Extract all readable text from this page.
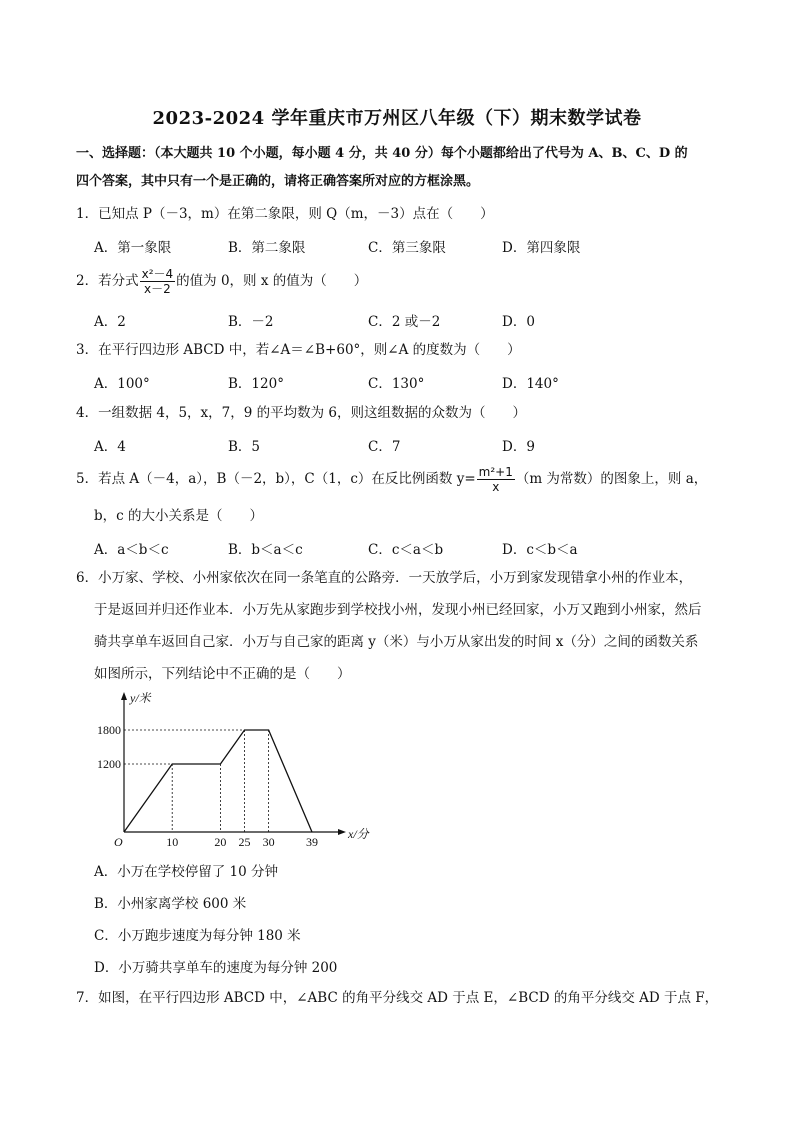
2023-2024 学年重庆市万州区八年级（下）期末数学试卷
一、选择题：（本大题共 10 个小题，每小题 4 分，共 40 分）每个小题都给出了代号为 A、B、C、D 的
四个答案，其中只有一个是正确的，请将正确答案所对应的方框涂黑。
1．已知点 P（－3，m）在第二象限，则 Q（m，－3）点在（　　）
A．第一象限	B．第二象限	C．第三象限	D．第四象限
2．若分式 $\frac{\text{x²－4}}{x-2}$ 的值为 0，则 x 的值为（　　）
A．2	B．－2	C．2 或－2	D．0
3．在平行四边形 ABCD 中，若∠A＝∠B+60°，则∠A 的度数为（　　）
A．100°	B．120°	C．130°	D．140°
4．一组数据 4，5，x，7，9 的平均数为 6，则这组数据的众数为（　　）
A．4	B．5	C．7	D．9
5．若点 A（－4，a），B（－2，b），C（1，c）在反比例函数 $y= \frac{\text{m²+1}}{x} (m$ 为常数）的图象上，则 a，
b，c 的大小关系是（　　）
A．a＜b＜c	B．b＜a＜c	C．c＜a＜b	D．c＜b＜a
6．小万家、学校、小州家依次在同一条笔直的公路旁．一天放学后，小万到家发现错拿小州的作业本，
于是返回并归还作业本．小万先从家跑步到学校找小州，发现小州已经回家，小万又跑到小州家，然后
骑共享单车返回自己家．小万与自己家的距离 y（米）与小万从家出发的时间 x（分）之间的函数关系
如图所示，下列结论中不正确的是（　　）
10	20 25 30	39
1200
1800
O
x/分
y/米
A．小万在学校停留了 10 分钟
B．小州家离学校 600 米
C．小万跑步速度为每分钟 180 米
D．小万骑共享单车的速度为每分钟 200
7．如图，在平行四边形 ABCD 中，∠ABC 的角平分线交 AD 于点 E，∠BCD 的角平分线交 AD 于点 F，
